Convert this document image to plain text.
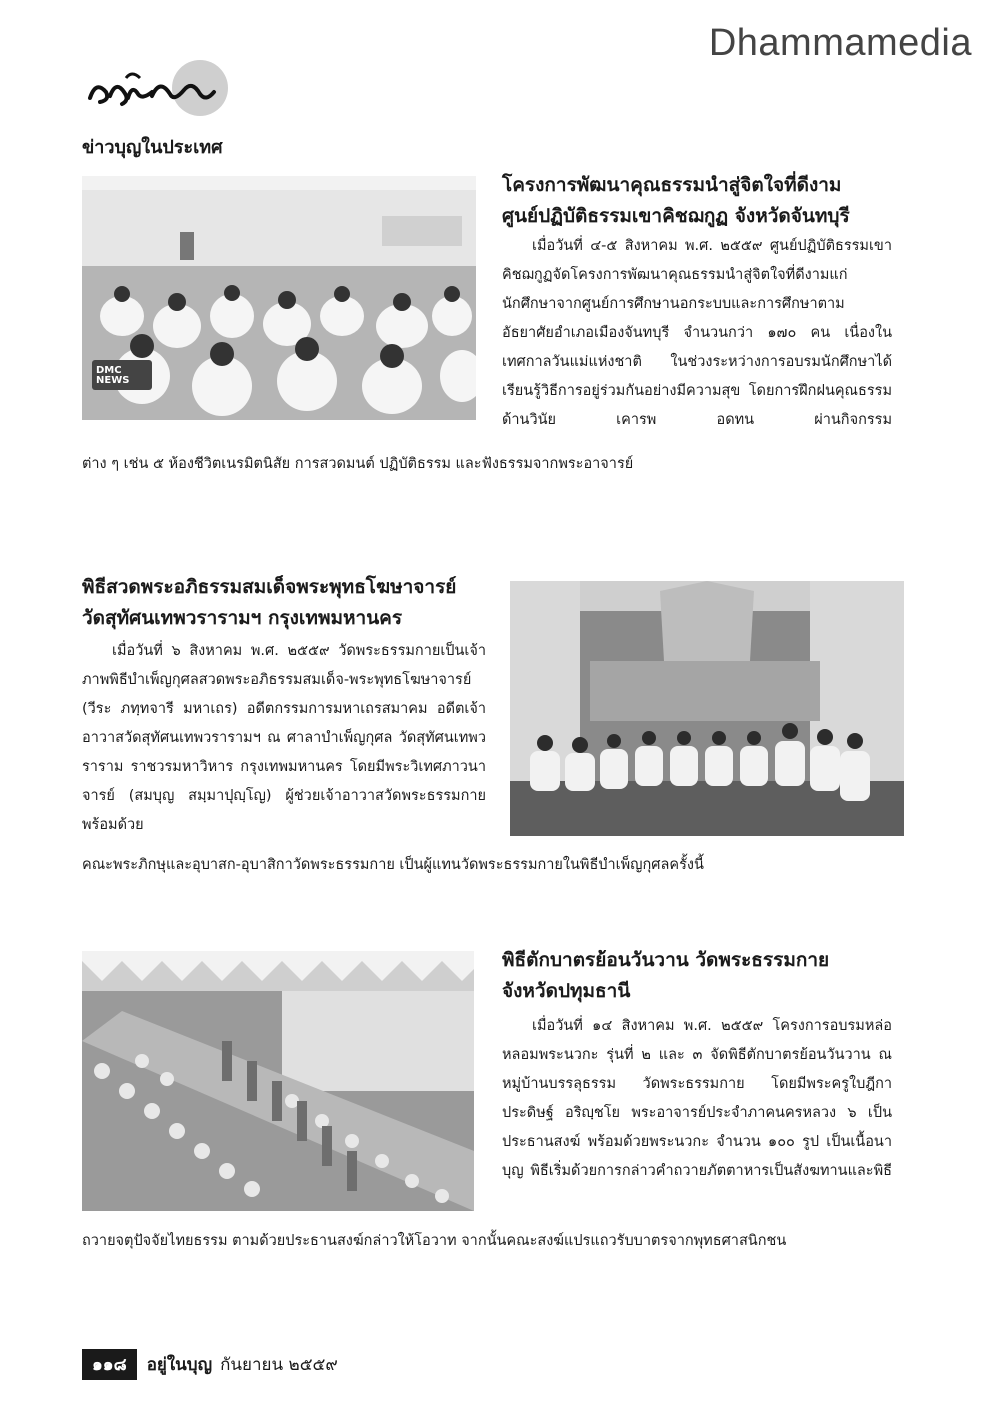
Dhammamedia
ข่าวบุญในประเทศ
DMC NEWS
โครงการพัฒนาคุณธรรมนำสู่จิตใจที่ดีงาม
ศูนย์ปฏิบัติธรรมเขาคิชฌกูฏ จังหวัดจันทบุรี
เมื่อวันที่ ๔-๕ สิงหาคม พ.ศ. ๒๕๕๙ ศูนย์ปฏิบัติธรรมเขาคิชฌกูฏจัดโครงการพัฒนาคุณธรรมนำสู่จิตใจที่ดีงามแก่นักศึกษาจากศูนย์การศึกษานอกระบบและการศึกษาตามอัธยาศัยอำเภอเมืองจันทบุรี จำนวนกว่า ๑๗๐ คน เนื่องในเทศกาลวันแม่แห่งชาติ ในช่วงระหว่างการอบรมนักศึกษาได้เรียนรู้วิธีการอยู่ร่วมกันอย่างมีความสุข โดยการฝึกฝนคุณธรรมด้านวินัย เคารพ อดทน ผ่านกิจกรรม
ต่าง ๆ เช่น ๕ ห้องชีวิตเนรมิตนิสัย การสวดมนต์ ปฏิบัติธรรม และฟังธรรมจากพระอาจารย์
พิธีสวดพระอภิธรรมสมเด็จพระพุทธโฆษาจารย์
วัดสุทัศนเทพวรารามฯ กรุงเทพมหานคร
เมื่อวันที่ ๖ สิงหาคม พ.ศ. ๒๕๕๙ วัดพระธรรมกายเป็นเจ้าภาพพิธีบำเพ็ญกุศลสวดพระอภิธรรมสมเด็จ-พระพุทธโฆษาจารย์ (วีระ ภทฺทจารี มหาเถร) อดีตกรรมการมหาเถรสมาคม อดีตเจ้าอาวาสวัดสุทัศนเทพวรารามฯ ณ ศาลาบำเพ็ญกุศล วัดสุทัศนเทพวราราม ราชวรมหาวิหาร กรุงเทพมหานคร โดยมีพระวิเทศภาวนาจารย์ (สมบุญ สมฺมาปุญฺโญ) ผู้ช่วยเจ้าอาวาสวัดพระธรรมกาย พร้อมด้วย
คณะพระภิกษุและอุบาสก-อุบาสิกาวัดพระธรรมกาย เป็นผู้แทนวัดพระธรรมกายในพิธีบำเพ็ญกุศลครั้งนี้
พิธีตักบาตรย้อนวันวาน วัดพระธรรมกาย
จังหวัดปทุมธานี
เมื่อวันที่ ๑๔ สิงหาคม พ.ศ. ๒๕๕๙ โครงการอบรมหล่อหลอมพระนวกะ รุ่นที่ ๒ และ ๓ จัดพิธีตักบาตรย้อนวันวาน ณ หมู่บ้านบรรลุธรรม วัดพระธรรมกาย โดยมีพระครูใบฎีกาประดิษฐ์ อริญฺชโย พระอาจารย์ประจำภาคนครหลวง ๖ เป็นประธานสงฆ์ พร้อมด้วยพระนวกะ จำนวน ๑๐๐ รูป เป็นเนื้อนาบุญ พิธีเริ่มด้วยการกล่าวคำถวายภัตตาหารเป็นสังฆทานและพิธี
ถวายจตุปัจจัยไทยธรรม ตามด้วยประธานสงฆ์กล่าวให้โอวาท จากนั้นคณะสงฆ์แปรแถวรับบาตรจากพุทธศาสนิกชน
๑๑๘	อยู่ในบุญ กันยายน ๒๕๕๙
